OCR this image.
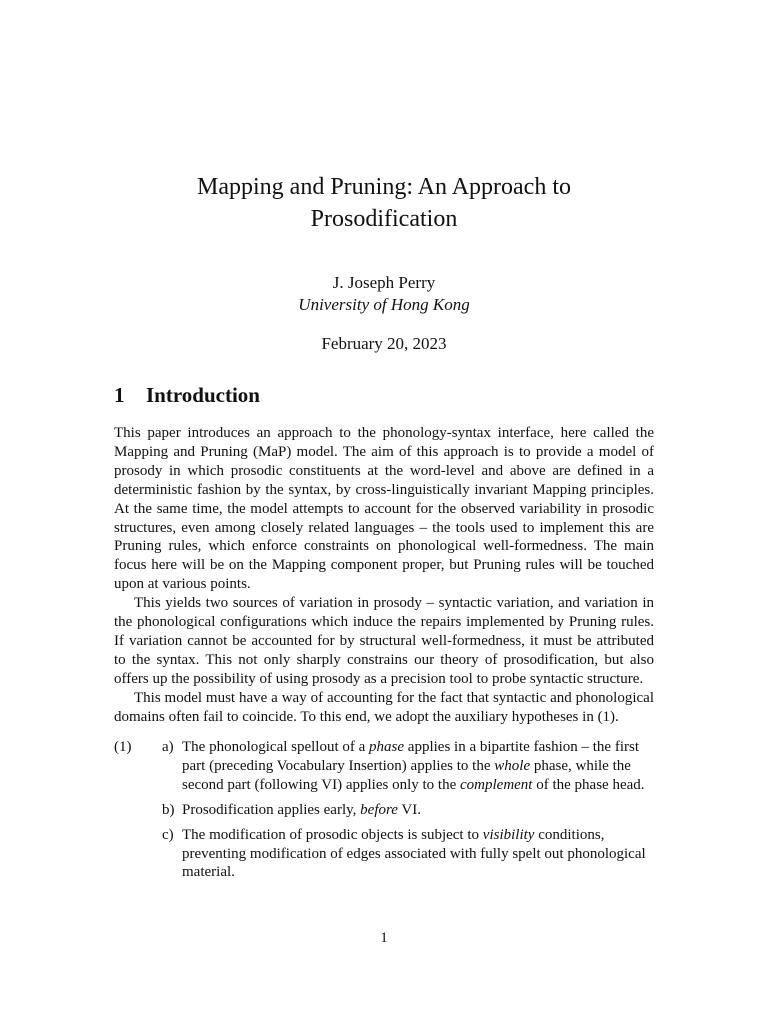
Mapping and Pruning: An Approach to
Prosodification
J. Joseph Perry
University of Hong Kong
February 20, 2023
1 Introduction

This paper introduces an approach to the phonology-syntax interface, here called the Mapping and Pruning (MaP) model. The aim of this approach is to provide a model of prosody in which prosodic constituents at the word-level and above are defined in a deterministic fashion by the syntax, by cross-linguistically invariant Mapping principles. At the same time, the model attempts to account for the observed variability in prosodic structures, even among closely related languages – the tools used to implement this are Pruning rules, which enforce constraints on phonological well-formedness. The main focus here will be on the Mapping component proper, but Pruning rules will be touched upon at various points.

This yields two sources of variation in prosody – syntactic variation, and variation in the phonological configurations which induce the repairs implemented by Pruning rules. If variation cannot be accounted for by structural well-formedness, it must be attributed to the syntax. This not only sharply constrains our theory of prosodification, but also offers up the possibility of using prosody as a precision tool to probe syntactic structure.

This model must have a way of accounting for the fact that syntactic and phonological domains often fail to coincide. To this end, we adopt the auxiliary hypotheses in (1).

(1) a) The phonological spellout of a phase applies in a bipartite fashion – the first part (preceding Vocabulary Insertion) applies to the whole phase, while the second part (following VI) applies only to the complement of the phase head.
b) Prosodification applies early, before VI.
c) The modification of prosodic objects is subject to visibility conditions, preventing modification of edges associated with fully spelt out phonological material.
1
